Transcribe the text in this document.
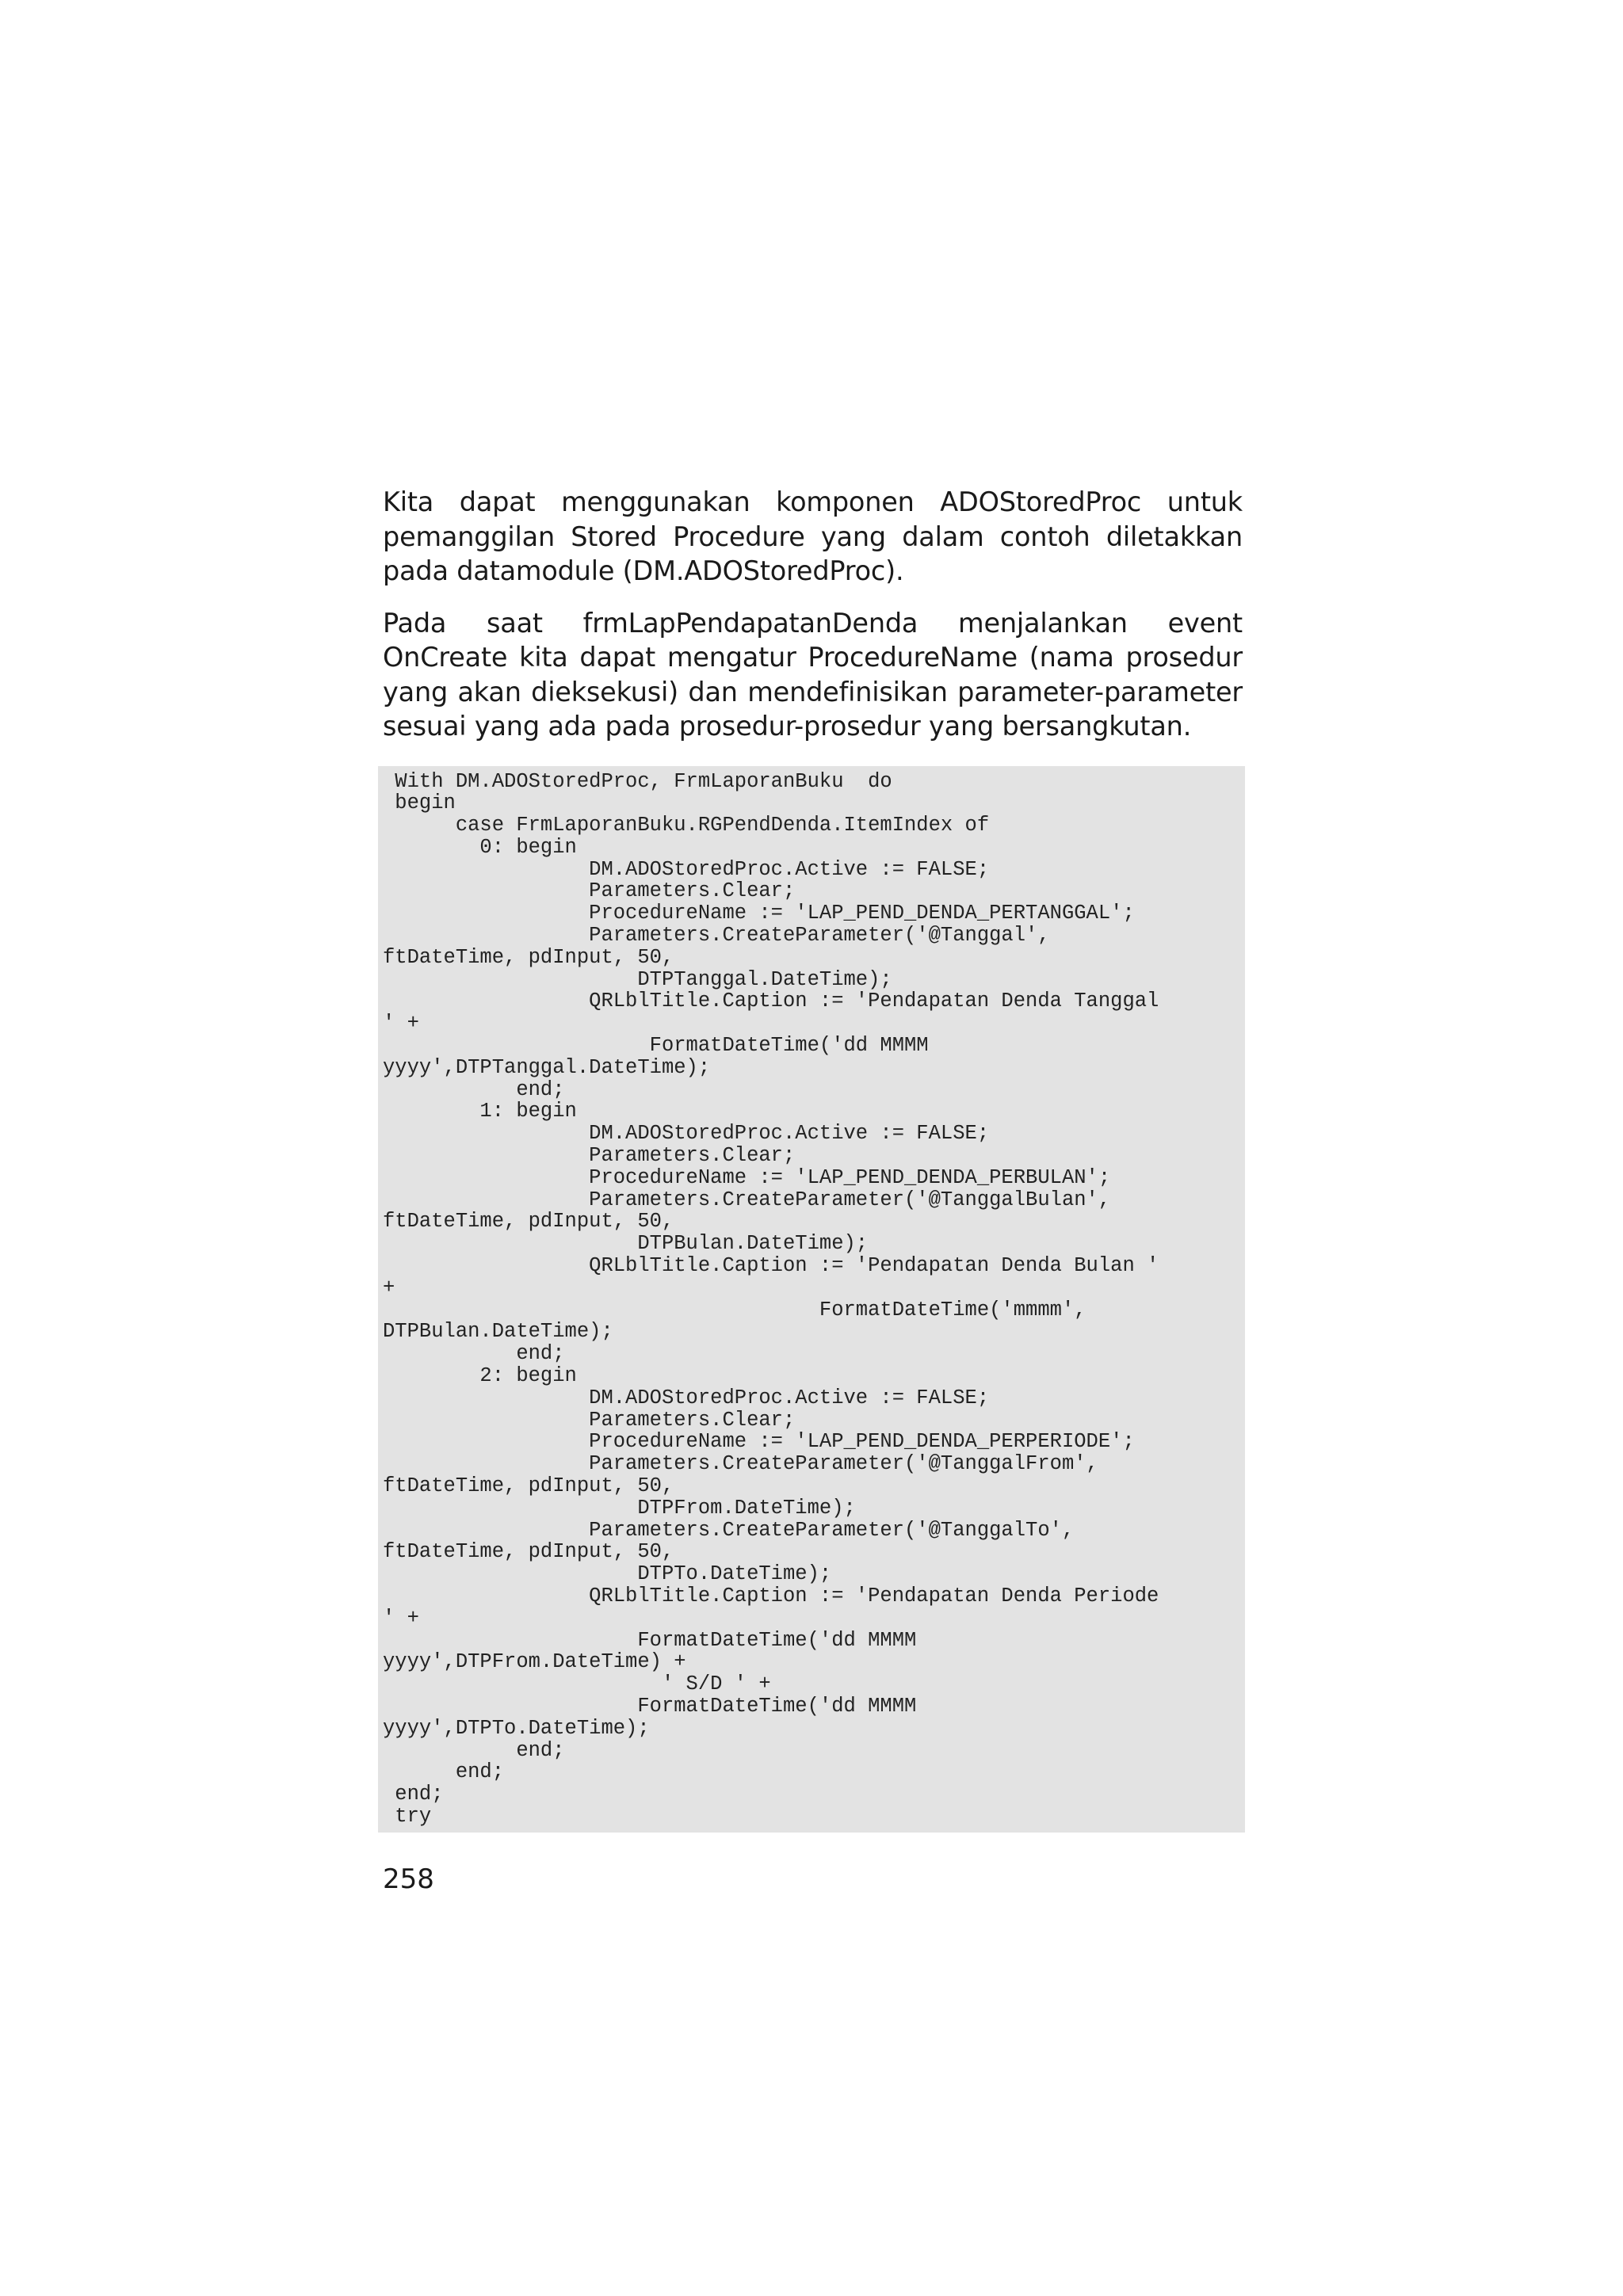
Kita dapat menggunakan komponen ADOStoredProc untuk pemanggilan Stored Procedure yang dalam contoh diletakkan pada datamodule (DM.ADOStoredProc).

Pada saat frmLapPendapatanDenda menjalankan event OnCreate kita dapat mengatur ProcedureName (nama prosedur yang akan dieksekusi) dan mendefinisikan parameter-parameter sesuai yang ada pada prosedur-prosedur yang bersangkutan.

With DM.ADOStoredProc, FrmLaporanBuku  do
begin
case FrmLaporanBuku.RGPendDenda.ItemIndex of
0: begin
DM.ADOStoredProc.Active := FALSE;
Parameters.Clear;
ProcedureName := 'LAP_PEND_DENDA_PERTANGGAL';
Parameters.CreateParameter('@Tanggal',
ftDateTime, pdInput, 50,
DTPTanggal.DateTime);
QRLblTitle.Caption := 'Pendapatan Denda Tanggal
' +
FormatDateTime('dd MMMM
yyyy',DTPTanggal.DateTime);
end;
1: begin
DM.ADOStoredProc.Active := FALSE;
Parameters.Clear;
ProcedureName := 'LAP_PEND_DENDA_PERBULAN';
Parameters.CreateParameter('@TanggalBulan',
ftDateTime, pdInput, 50,
DTPBulan.DateTime);
QRLblTitle.Caption := 'Pendapatan Denda Bulan '
+
FormatDateTime('mmmm',
DTPBulan.DateTime);
end;
2: begin
DM.ADOStoredProc.Active := FALSE;
Parameters.Clear;
ProcedureName := 'LAP_PEND_DENDA_PERPERIODE';
Parameters.CreateParameter('@TanggalFrom',
ftDateTime, pdInput, 50,
DTPFrom.DateTime);
Parameters.CreateParameter('@TanggalTo',
ftDateTime, pdInput, 50,
DTPTo.DateTime);
QRLblTitle.Caption := 'Pendapatan Denda Periode
' +
FormatDateTime('dd MMMM
yyyy',DTPFrom.DateTime) +
' S/D ' +
FormatDateTime('dd MMMM
yyyy',DTPTo.DateTime);
end;
end;
end;
try
258
